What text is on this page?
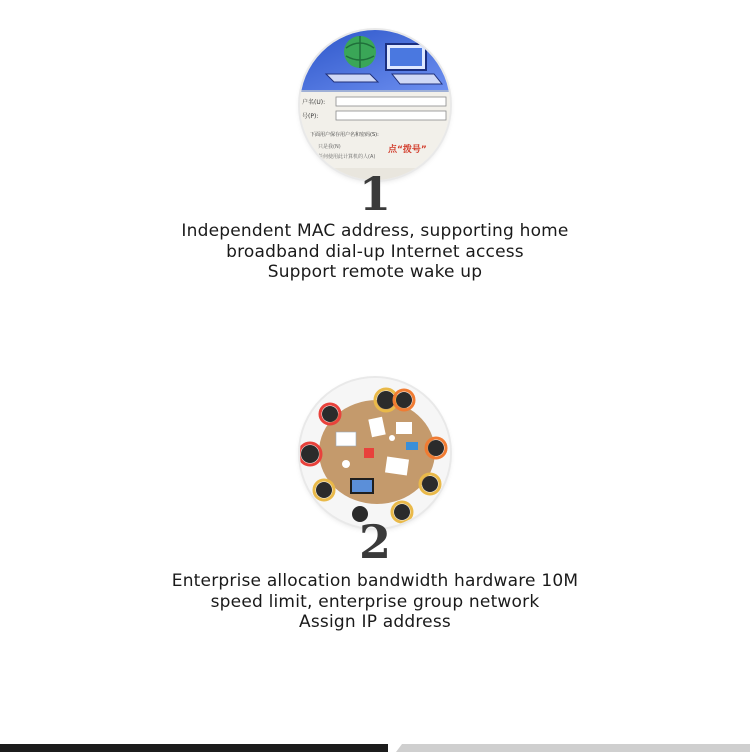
户名(U):
号(P):
下面用户保存用户名和密码(S):
只是我(N)
任何使用此计算机的人(A)
点“拨号”
1
Independent MAC address, supporting home
broadband dial-up Internet access
Support remote wake up
2
Enterprise allocation bandwidth hardware 10M
speed limit, enterprise group network
Assign IP address
